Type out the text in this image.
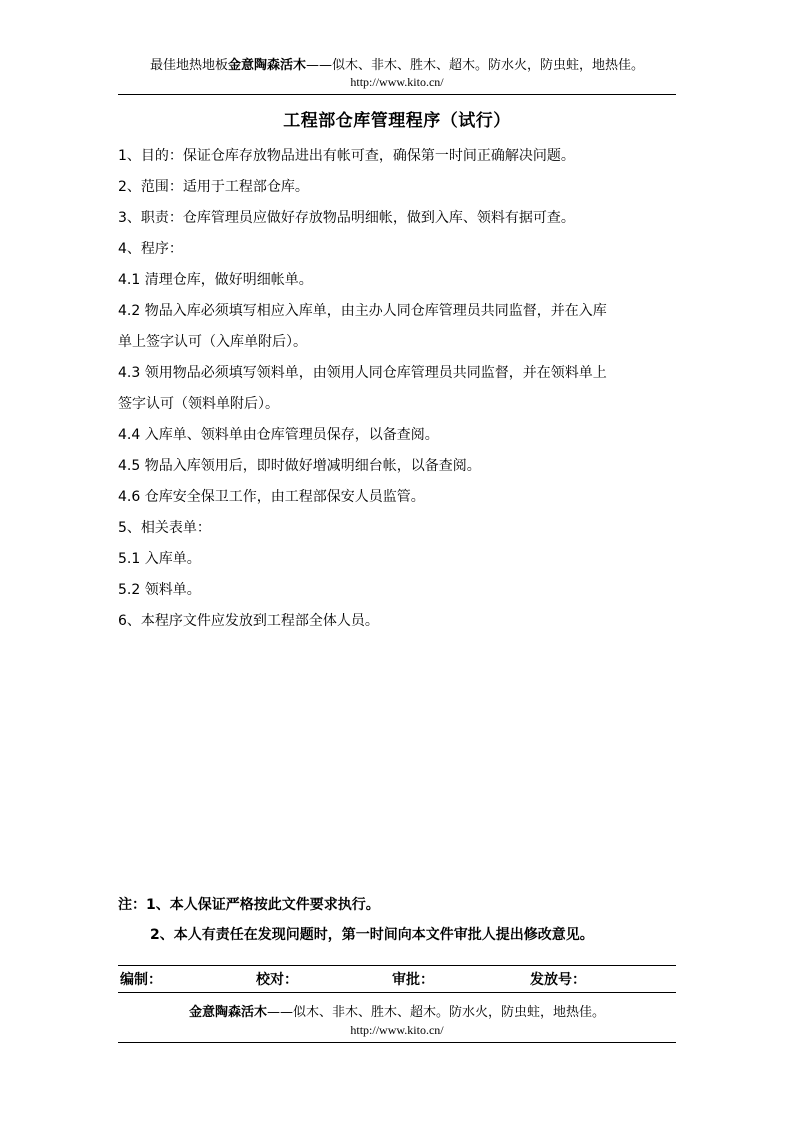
最佳地热地板金意陶森活木——似木、非木、胜木、超木。防水火，防虫蛀，地热佳。
http://www.kito.cn/
工程部仓库管理程序（试行）
1、目的：保证仓库存放物品进出有帐可查，确保第一时间正确解决问题。
2、范围：适用于工程部仓库。
3、职责：仓库管理员应做好存放物品明细帐，做到入库、领料有据可查。
4、程序：
4.1 清理仓库，做好明细帐单。
4.2 物品入库必须填写相应入库单，由主办人同仓库管理员共同监督，并在入库
单上签字认可（入库单附后）。
4.3 领用物品必须填写领料单，由领用人同仓库管理员共同监督，并在领料单上
签字认可（领料单附后）。
4.4 入库单、领料单由仓库管理员保存，以备查阅。
4.5 物品入库领用后，即时做好增减明细台帐，以备查阅。
4.6 仓库安全保卫工作，由工程部保安人员监管。
5、相关表单：
5.1 入库单。
5.2 领料单。
6、本程序文件应发放到工程部全体人员。
注：1、本人保证严格按此文件要求执行。
2、本人有责任在发现问题时，第一时间向本文件审批人提出修改意见。
编制：	校对：	审批：	发放号：
金意陶森活木——似木、非木、胜木、超木。防水火，防虫蛀，地热佳。
http://www.kito.cn/
